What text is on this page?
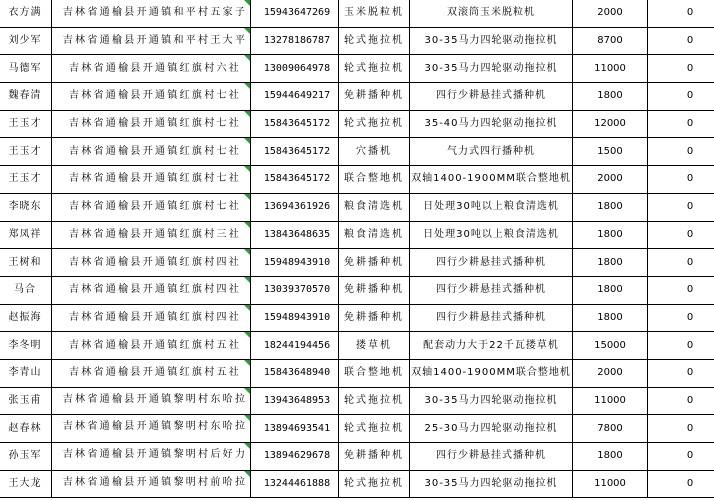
衣方满	吉林省通榆县开通镇和平村五家子	15943647269	玉米脱粒机	双滚筒玉米脱粒机	2000	0
刘少军	吉林省通榆县开通镇和平村王大平	13278186787	轮式拖拉机	30-35马力四轮驱动拖拉机	8700	0
马德军	吉林省通榆县开通镇红旗村六社	13009064978	轮式拖拉机	30-35马力四轮驱动拖拉机	11000	0
魏春清	吉林省通榆县开通镇红旗村七社	15944649217	免耕播种机	四行少耕悬挂式播种机	1800	0
王玉才	吉林省通榆县开通镇红旗村七社	15843645172	轮式拖拉机	35-40马力四轮驱动拖拉机	12000	0
王玉才	吉林省通榆县开通镇红旗村七社	15843645172	穴播机	气力式四行播种机	1500	0
王玉才	吉林省通榆县开通镇红旗村七社	15843645172	联合整地机	双轴1400-1900MM联合整地机	2000	0
李晓东	吉林省通榆县开通镇红旗村七社	13694361926	粮食清选机	日处理30吨以上粮食清选机	1800	0
郑凤祥	吉林省通榆县开通镇红旗村三社	13843648635	粮食清选机	日处理30吨以上粮食清选机	1800	0
王树和	吉林省通榆县开通镇红旗村四社	15948943910	免耕播种机	四行少耕悬挂式播种机	1800	0
马合	吉林省通榆县开通镇红旗村四社	13039370570	免耕播种机	四行少耕悬挂式播种机	1800	0
赵振海	吉林省通榆县开通镇红旗村四社	15948943910	免耕播种机	四行少耕悬挂式播种机	1800	0
李冬明	吉林省通榆县开通镇红旗村五社	18244194456	搂草机	配套动力大于22千瓦搂草机	15000	0
李青山	吉林省通榆县开通镇红旗村五社	15843648940	联合整地机	双轴1400-1900MM联合整地机	2000	0
张玉甫	吉林省通榆县开通镇黎明村东哈拉	13943648953	轮式拖拉机	30-35马力四轮驱动拖拉机	11000	0
赵春林	吉林省通榆县开通镇黎明村东哈拉	13894693541	轮式拖拉机	25-30马力四轮驱动拖拉机	7800	0
孙玉军	吉林省通榆县开通镇黎明村后好力	13894629678	免耕播种机	四行少耕悬挂式播种机	1800	0
王大龙	吉林省通榆县开通镇黎明村前哈拉	13244461888	轮式拖拉机	30-35马力四轮驱动拖拉机	11000	0
